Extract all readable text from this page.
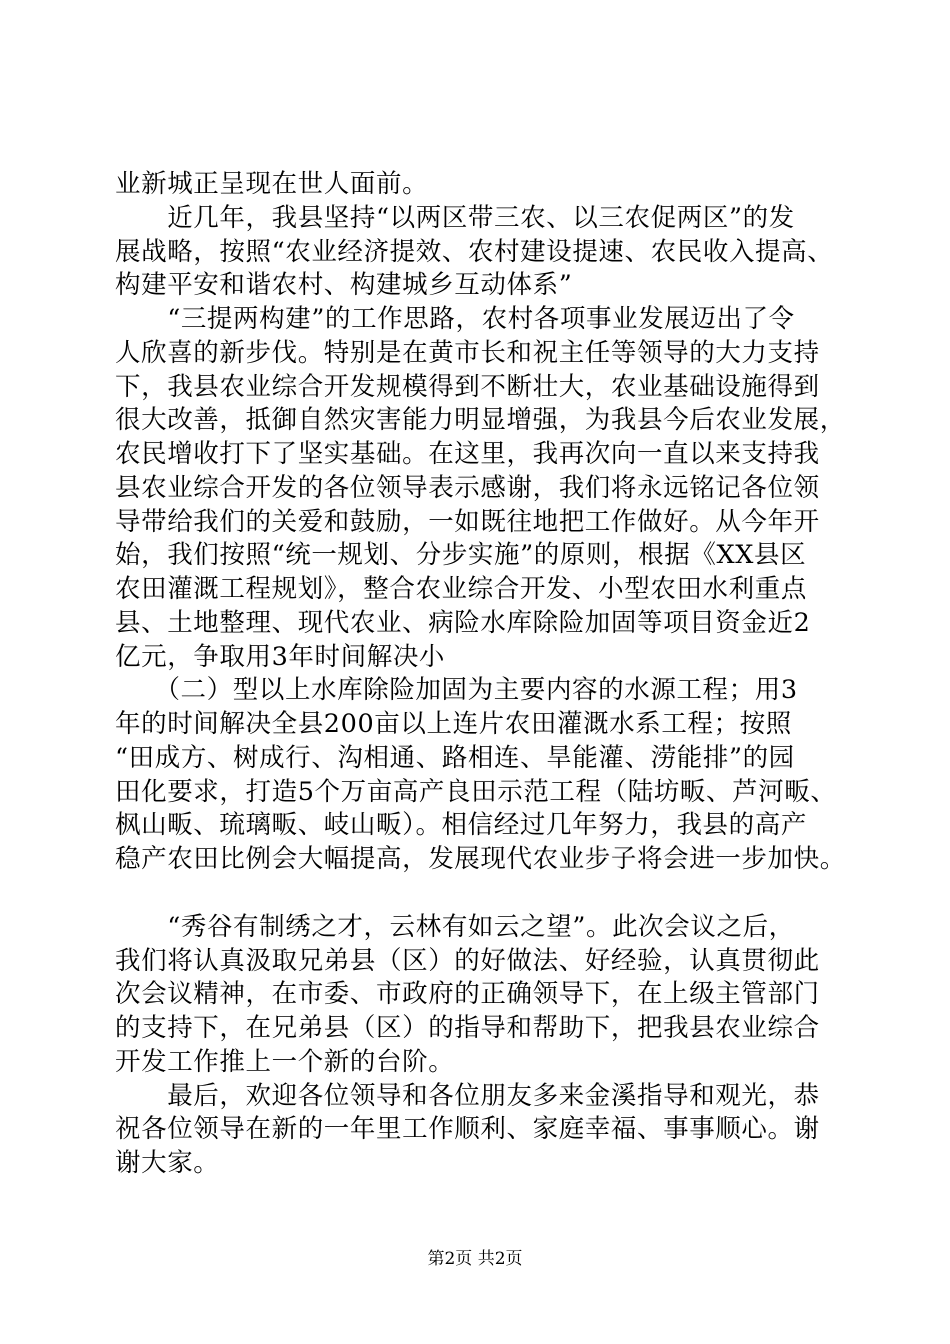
业新城正呈现在世人面前。
　　近几年，我县坚持“以两区带三农、以三农促两区”的发
展战略，按照“农业经济提效、农村建设提速、农民收入提高、
构建平安和谐农村、构建城乡互动体系”
　　“三提两构建”的工作思路，农村各项事业发展迈出了令
人欣喜的新步伐。特别是在黄市长和祝主任等领导的大力支持
下，我县农业综合开发规模得到不断壮大，农业基础设施得到
很大改善，抵御自然灾害能力明显增强，为我县今后农业发展，
农民增收打下了坚实基础。在这里，我再次向一直以来支持我
县农业综合开发的各位领导表示感谢，我们将永远铭记各位领
导带给我们的关爱和鼓励，一如既往地把工作做好。从今年开
始，我们按照“统一规划、分步实施”的原则，根据《XX县区
农田灌溉工程规划》，整合农业综合开发、小型农田水利重点
县、土地整理、现代农业、病险水库除险加固等项目资金近2
亿元，争取用3年时间解决小
　　（二）型以上水库除险加固为主要内容的水源工程；用3
年的时间解决全县200亩以上连片农田灌溉水系工程；按照
“田成方、树成行、沟相通、路相连、旱能灌、涝能排”的园
田化要求，打造5个万亩高产良田示范工程（陆坊畈、芦河畈、
枫山畈、琉璃畈、岐山畈）。相信经过几年努力，我县的高产
稳产农田比例会大幅提高，发展现代农业步子将会进一步加快。
　　“秀谷有制绣之才，云林有如云之望”。此次会议之后，
我们将认真汲取兄弟县（区）的好做法、好经验，认真贯彻此
次会议精神，在市委、市政府的正确领导下，在上级主管部门
的支持下，在兄弟县（区）的指导和帮助下，把我县农业综合
开发工作推上一个新的台阶。
　　最后，欢迎各位领导和各位朋友多来金溪指导和观光，恭
祝各位领导在新的一年里工作顺利、家庭幸福、事事顺心。谢
谢大家。
第2页 共2页
